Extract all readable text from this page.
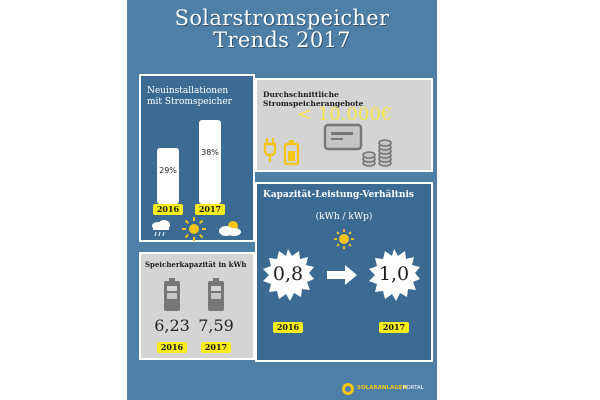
Solarstromspeicher
Trends 2017
Neuinstallationen
mit Stromspeicher
29%
38%
2016	2017
Durchschnittliche Stromspeicherangebote
< 10.000€
Kapazität-Leistung-Verhältnis
(kWh / kWp)
0,8	1,0
2016	2017
Speicherkapazität in kWh
6,23 7,59
2016	2017
SOLARANLAGEN
PORTAL
